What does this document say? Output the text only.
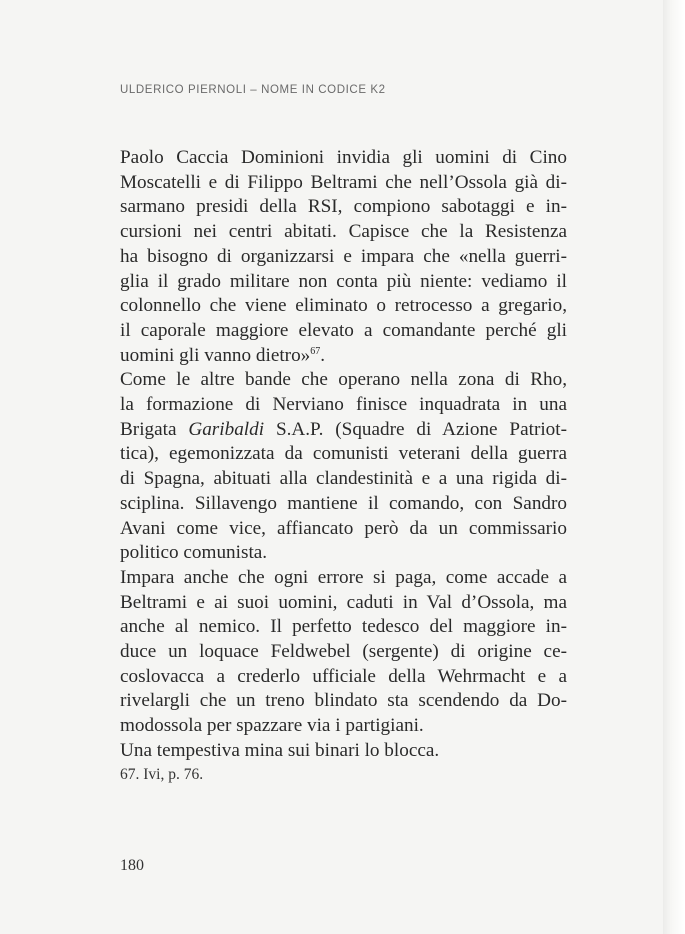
ULDERICO PIERNOLI – NOME IN CODICE K2
Paolo Caccia Dominioni invidia gli uomini di Cino
Moscatelli e di Filippo Beltrami che nell’Ossola già di-
sarmano presidi della RSI, compiono sabotaggi e in-
cursioni nei centri abitati. Capisce che la Resistenza
ha bisogno di organizzarsi e impara che «nella guerri-
glia il grado militare non conta più niente: vediamo il
colonnello che viene eliminato o retrocesso a gregario,
il caporale maggiore elevato a comandante perché gli
uomini gli vanno dietro»$^{67}$.
Come le altre bande che operano nella zona di Rho,
la formazione di Nerviano finisce inquadrata in una
Brigata Garibaldi S.A.P. (Squadre di Azione Patriot-
tica), egemonizzata da comunisti veterani della guerra
di Spagna, abituati alla clandestinità e a una rigida di-
sciplina. Sillavengo mantiene il comando, con Sandro
Avani come vice, affiancato però da un commissario
politico comunista.
Impara anche che ogni errore si paga, come accade a
Beltrami e ai suoi uomini, caduti in Val d’Ossola, ma
anche al nemico. Il perfetto tedesco del maggiore in-
duce un loquace Feldwebel (sergente) di origine ce-
coslovacca a crederlo ufficiale della Wehrmacht e a
rivelargli che un treno blindato sta scendendo da Do-
modossola per spazzare via i partigiani.
Una tempestiva mina sui binari lo blocca.
67. Ivi, p. 76.
180
